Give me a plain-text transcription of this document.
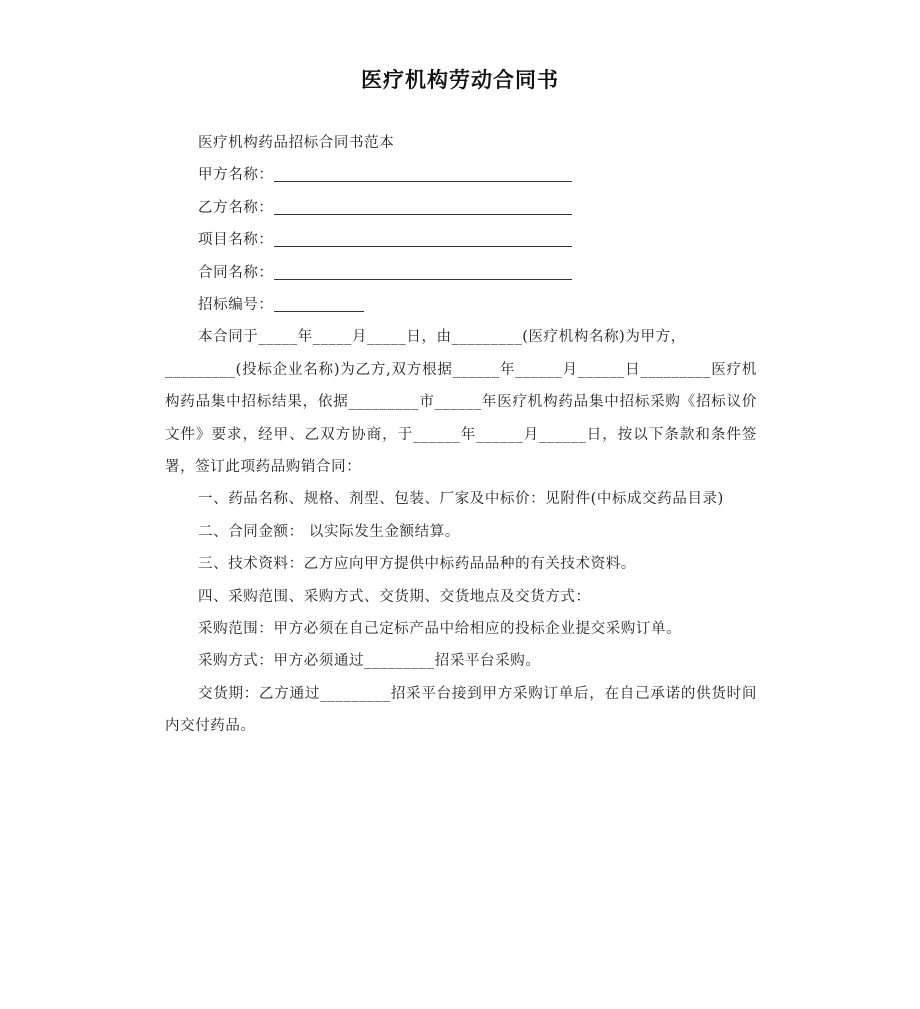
医疗机构劳动合同书

医疗机构药品招标合同书范本

甲方名称：

乙方名称：

项目名称：

合同名称：

招标编号：

本合同于_____年_____月_____日，由_________(医疗机构名称)为甲方，

_________(投标企业名称)为乙方,双方根据______年______月______日_________医疗机构药品集中招标结果，依据_________市______年医疗机构药品集中招标采购《招标议价文件》要求，经甲、乙双方协商，于______年______月______日，按以下条款和条件签署，签订此项药品购销合同：

一、药品名称、规格、剂型、包装、厂家及中标价：见附件(中标成交药品目录)

二、合同金额： 以实际发生金额结算。

三、技术资料：乙方应向甲方提供中标药品品种的有关技术资料。

四、采购范围、采购方式、交货期、交货地点及交货方式：

采购范围：甲方必须在自己定标产品中给相应的投标企业提交采购订单。

采购方式：甲方必须通过_________招采平台采购。

交货期：乙方通过_________招采平台接到甲方采购订单后，在自己承诺的供货时间内交付药品。
